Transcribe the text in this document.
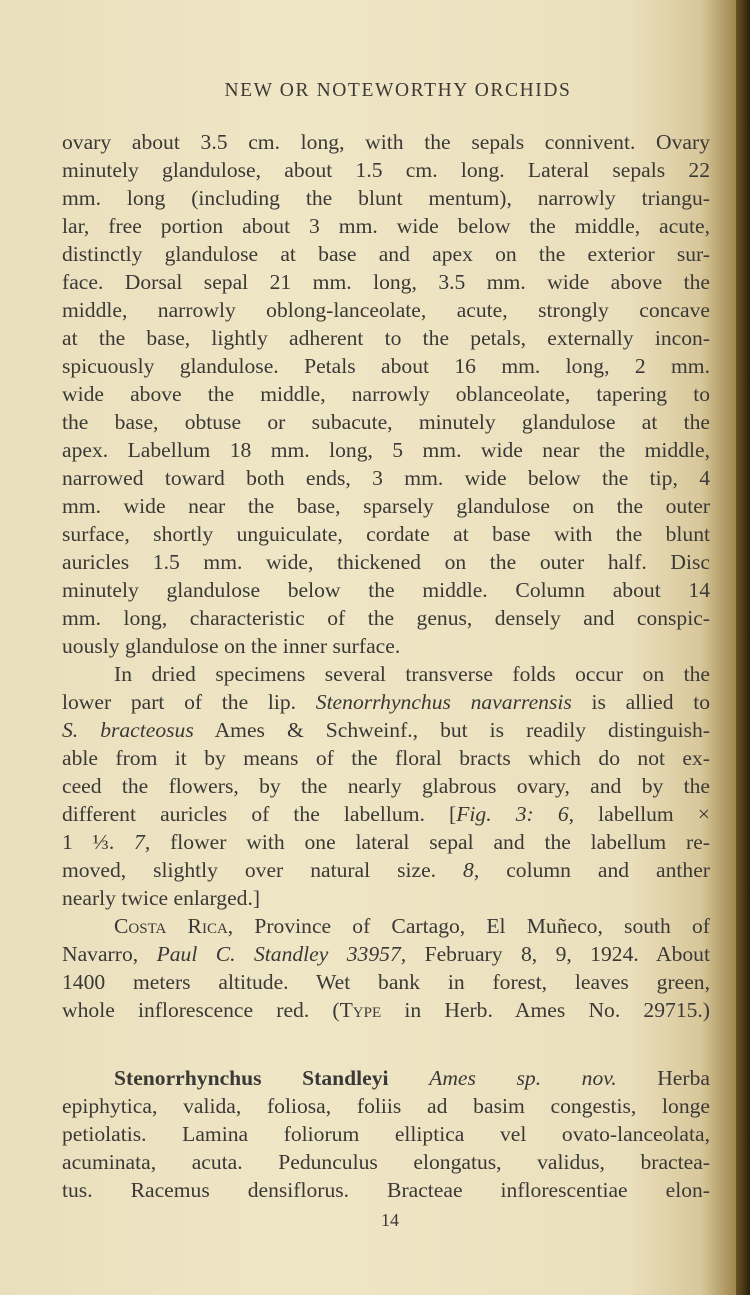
NEW OR NOTEWORTHY ORCHIDS
ovary about 3.5 cm. long, with the sepals connivent. Ovary
minutely glandulose, about 1.5 cm. long. Lateral sepals 22
mm. long (including the blunt mentum), narrowly triangu-
lar, free portion about 3 mm. wide below the middle, acute,
distinctly glandulose at base and apex on the exterior sur-
face. Dorsal sepal 21 mm. long, 3.5 mm. wide above the
middle, narrowly oblong-lanceolate, acute, strongly concave
at the base, lightly adherent to the petals, externally incon-
spicuously glandulose. Petals about 16 mm. long, 2 mm.
wide above the middle, narrowly oblanceolate, tapering to
the base, obtuse or subacute, minutely glandulose at the
apex. Labellum 18 mm. long, 5 mm. wide near the middle,
narrowed toward both ends, 3 mm. wide below the tip, 4
mm. wide near the base, sparsely glandulose on the outer
surface, shortly unguiculate, cordate at base with the blunt
auricles 1.5 mm. wide, thickened on the outer half. Disc
minutely glandulose below the middle. Column about 14
mm. long, characteristic of the genus, densely and conspic-
uously glandulose on the inner surface.
In dried specimens several transverse folds occur on the
lower part of the lip. Stenorrhynchus navarrensis is allied to
S. bracteosus Ames & Schweinf., but is readily distinguish-
able from it by means of the floral bracts which do not ex-
ceed the flowers, by the nearly glabrous ovary, and by the
different auricles of the labellum. [Fig. 3: 6, labellum ×
1 ⅓. 7, flower with one lateral sepal and the labellum re-
moved, slightly over natural size. 8, column and anther
nearly twice enlarged.]
Costa Rica, Province of Cartago, El Muñeco, south of
Navarro, Paul C. Standley 33957, February 8, 9, 1924. About
1400 meters altitude. Wet bank in forest, leaves green,
whole inflorescence red. (Type in Herb. Ames No. 29715.)
Stenorrhynchus Standleyi Ames sp. nov. Herba
epiphytica, valida, foliosa, foliis ad basim congestis, longe
petiolatis. Lamina foliorum elliptica vel ovato-lanceolata,
acuminata, acuta. Pedunculus elongatus, validus, bractea-
tus. Racemus densiflorus. Bracteae inflorescentiae elon-
14
